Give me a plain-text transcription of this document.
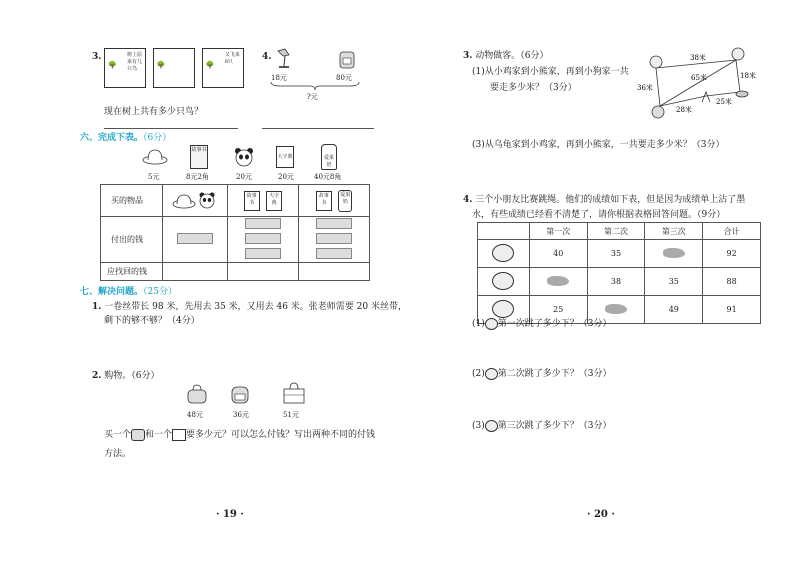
3.	树上原来有几只鸟
🌳
	🌳

又飞来8只
🌳
现在树上共有多少只鸟？
4.
18元	80元
?元
六、完成下表。（6分）
故事书
大字典	爱果奶
5元	8元2角	20元	20元	40元8角
买的物品		故事书 大字典	故事书 爱果奶
付出的钱		

应找回的钱			
七、解决问题。（25分）
1. 一卷丝带长 98 米，先用去 35 米，又用去 46 米。张老师需要 20 米丝带，
剩下的够不够？（4分）
2. 购物。（6分）
48元	36元	51元
买一个 和一个 要多少元？可以怎么付钱？写出两种不同的付钱
方法。
· 19 ·
3. 动物做客。（6分）
(1)从小鸡家到小熊家，再到小狗家一共
要走多少米？（3分）
38米
36米
65米	18米
28米
25米
(3)从乌龟家到小鸡家，再到小熊家，一共要走多少米？（3分）
4. 三个小朋友比赛跳绳。他们的成绩如下表，但是因为成绩单上沾了墨
水，有些成绩已经看不清楚了，请你根据表格回答问题。（9分）
	第一次	第二次	第三次	合计
	40	35		92
		38	35	88
	25		49	91
(1) 第一次跳了多少下？（3分）
(2) 第二次跳了多少下？（3分）
(3) 第三次跳了多少下？（3分）
· 20 ·
